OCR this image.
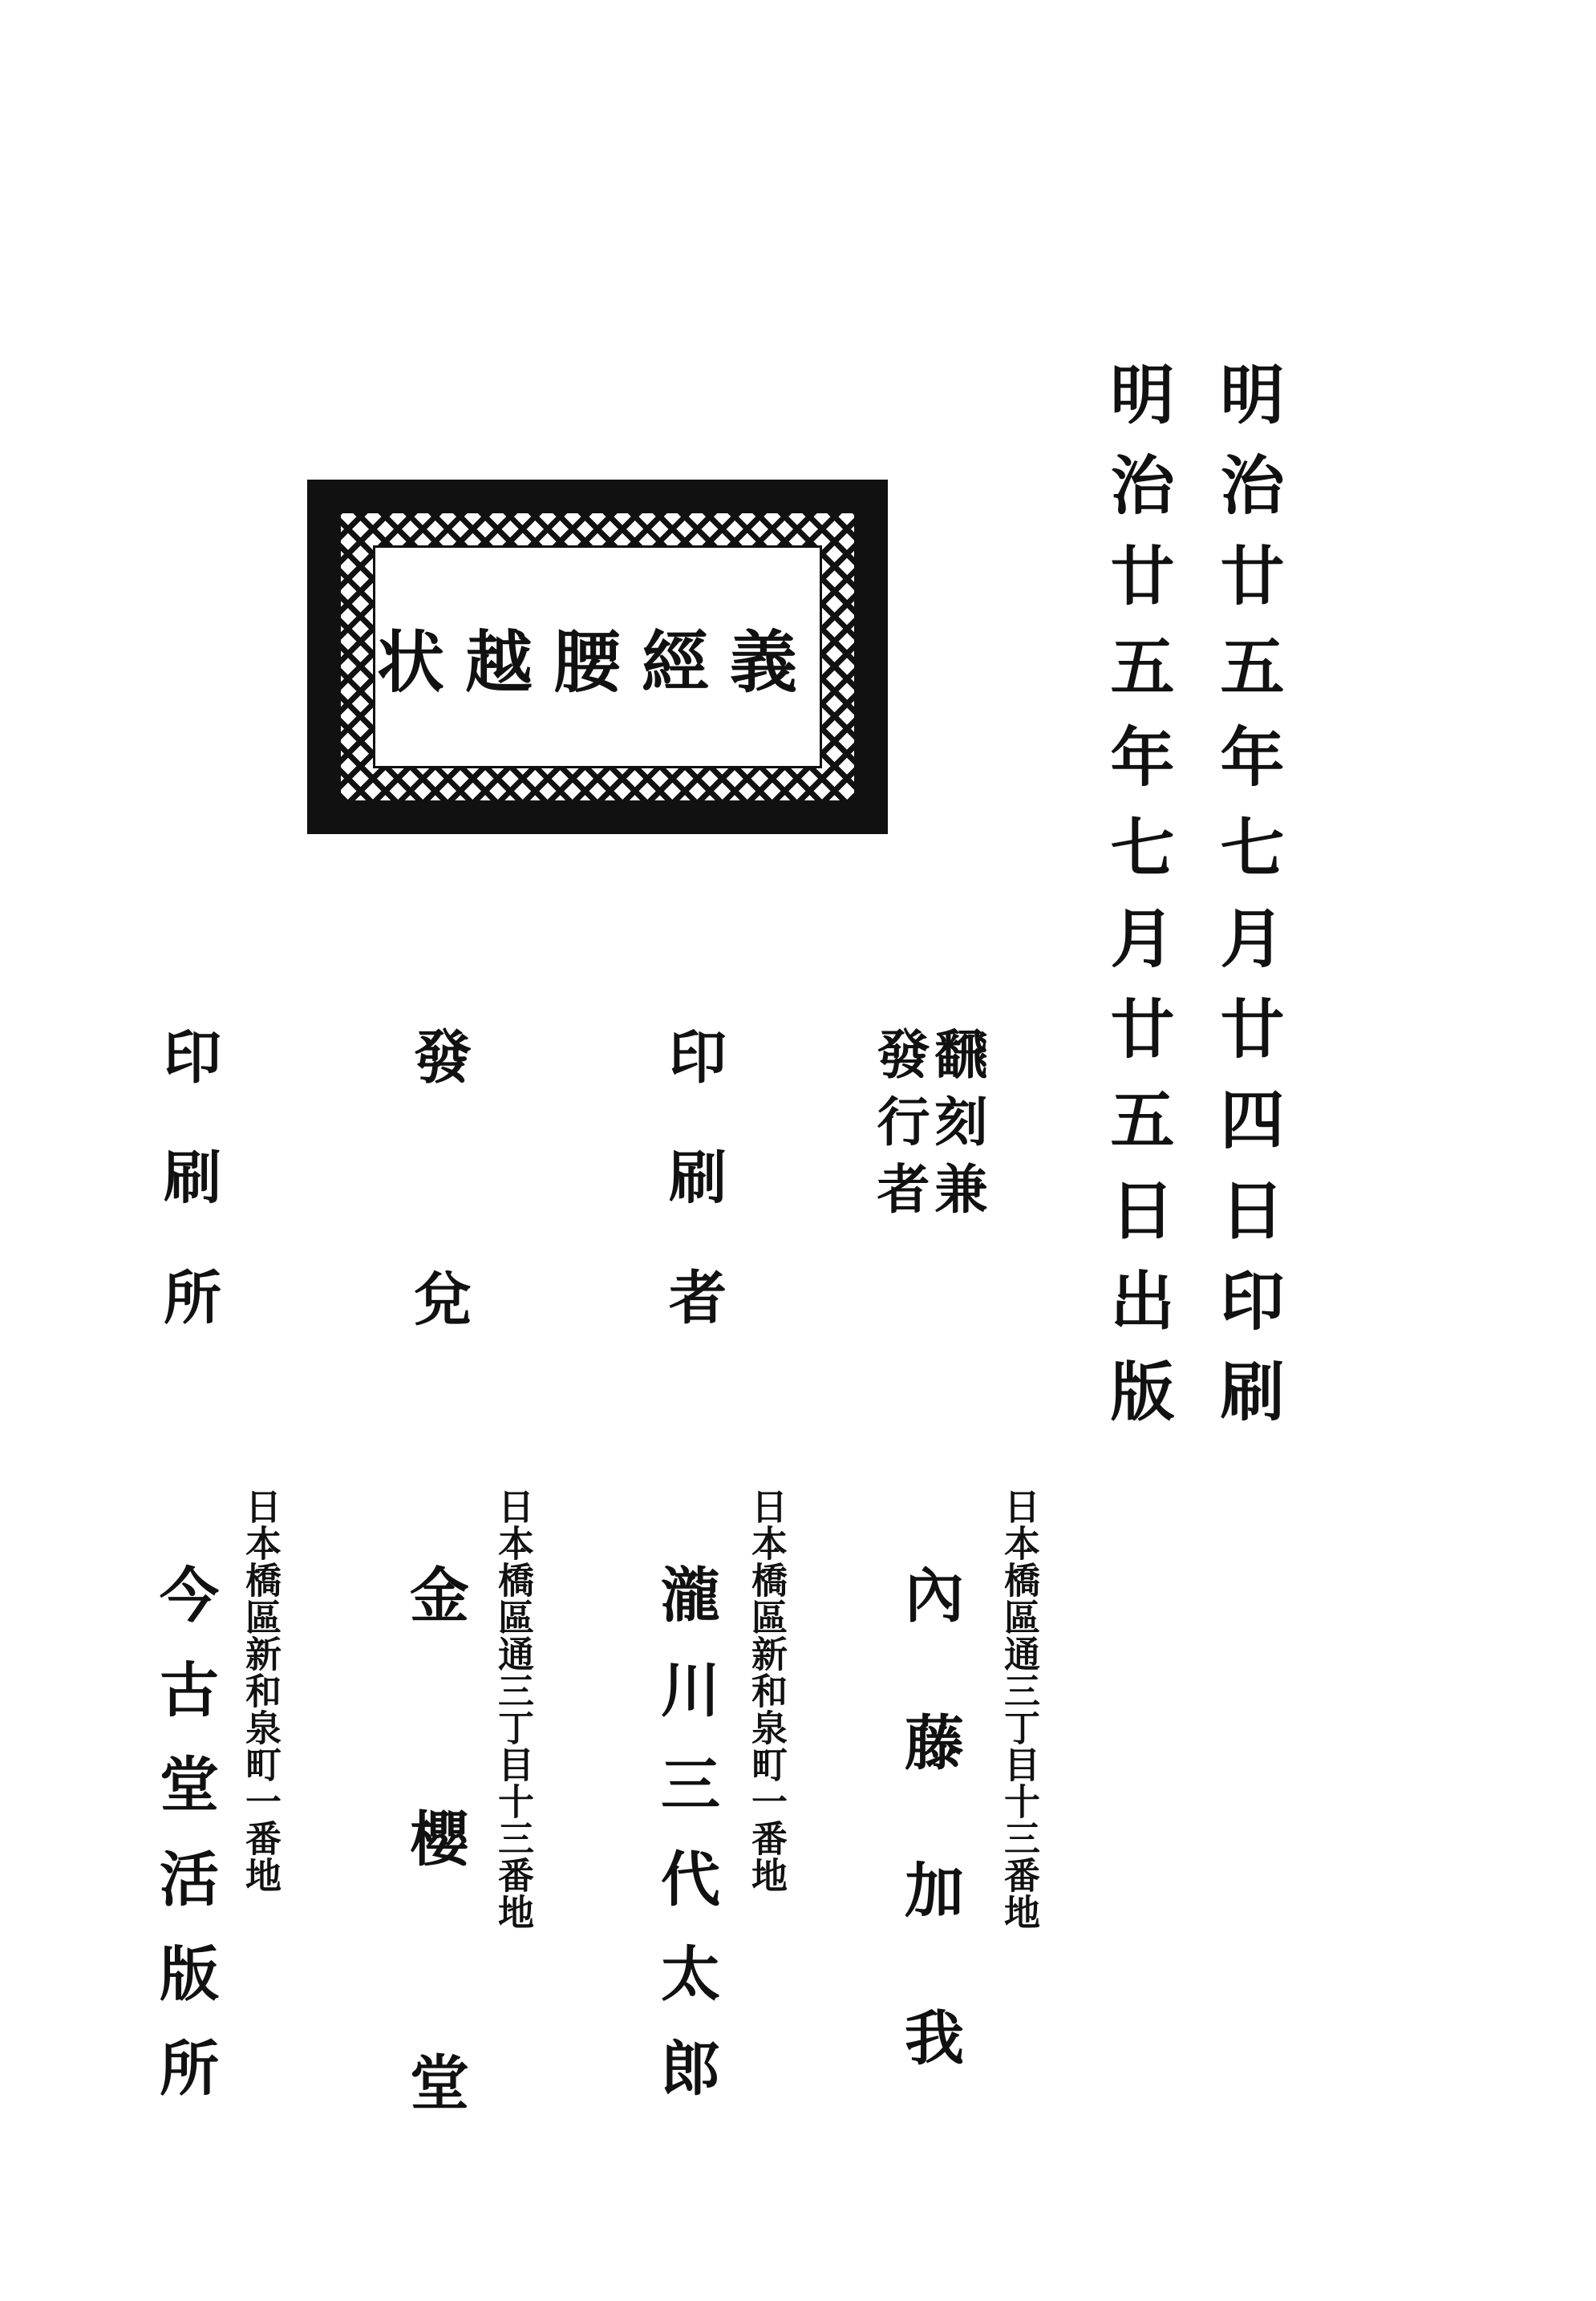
義經腰越状	明治廿五年七月廿四日印刷
明治廿五年七月廿五日出版
飜刻兼
發行者
日本橋區通三丁目十三番地
內藤加我
印刷者
日本橋區新和泉町一番地
瀧川三代太郎
發兌
日本橋區通三丁目十三番地
金櫻堂
印刷所
日本橋區新和泉町一番地
今古堂活版所
